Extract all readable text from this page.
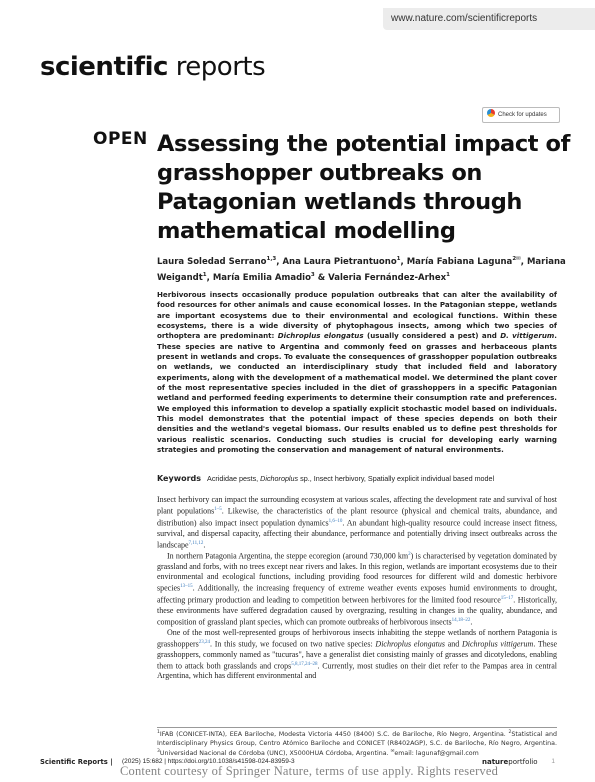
www.nature.com/scientificreports
scientific reports
Check for updates
OPEN Assessing the potential impact of grasshopper outbreaks on Patagonian wetlands through mathematical modelling
Laura Soledad Serrano$^{1,3}$, Ana Laura Pietrantuono$^1$, María Fabiana Laguna$^{2✉}$, Mariana Weigandt$^1$, María Emilia Amadio$^3$ & Valeria Fernández-Arhex$^1$
Herbivorous insects occasionally produce population outbreaks that can alter the availability of food resources for other animals and cause economical losses. In the Patagonian steppe, wetlands are important ecosystems due to their environmental and ecological functions. Within these ecosystems, there is a wide diversity of phytophagous insects, among which two species of orthoptera are predominant: Dichroplus elongatus (usually considered a pest) and D. vittigerum. These species are native to Argentina and commonly feed on grasses and herbaceous plants present in wetlands and crops. To evaluate the consequences of grasshopper population outbreaks on wetlands, we conducted an interdisciplinary study that included field and laboratory experiments, along with the development of a mathematical model. We determined the plant cover of the most representative species included in the diet of grasshoppers in a specific Patagonian wetland and performed feeding experiments to determine their consumption rate and preferences. We employed this information to develop a spatially explicit stochastic model based on individuals. This model demonstrates that the potential impact of these species depends on both their densities and the wetland's vegetal biomass. Our results enabled us to define pest thresholds for various realistic scenarios. Conducting such studies is crucial for developing early warning strategies and promoting the conservation and management of natural environments.
Keywords Acrididae pests, Dichoroplus sp., Insect herbivory, Spatially explicit individual based model

Insect herbivory can impact the surrounding ecosystem at various scales, affecting the development rate and survival of host plant populations$^{1-5}$. Likewise, the characteristics of the plant resource (physical and chemical traits, abundance, and distribution) also impact insect population dynamics$^{1,6-10}$. An abundant high-quality resource could increase insect fitness, survival, and dispersal capacity, affecting their abundance, performance and potentially driving insect outbreaks across the landscape$^{7,11,12}$.

In northern Patagonia Argentina, the steppe ecoregion (around 730,000 $km^2$) is characterised by vegetation dominated by grassland and forbs, with no trees except near rivers and lakes. In this region, wetlands are important ecosystems due to their environmental and ecological functions, including providing food resources for different wild and domestic herbivore species$^{13-15}$. Additionally, the increasing frequency of extreme weather events exposes humid environments to drought, affecting primary production and leading to competition between herbivores for the limited food resource$^{15-17}$. Historically, these environments have suffered degradation caused by overgrazing, resulting in changes in the quality, abundance, and composition of grassland plant species, which can promote outbreaks of herbivorous insects$^{14,18-22}$.

One of the most well-represented groups of herbivorous insects inhabiting the steppe wetlands of northern Patagonia is grasshoppers$^{23,24}$. In this study, we focused on two native species: Dichroplus elongatus and Dichroplus vittigerum. These grasshoppers, commonly named as "tucuras", have a generalist diet consisting mainly of grasses and dicotyledons, enabling them to attack both grasslands and crops$^{5,8,17,24-28}$. Currently, most studies on their diet refer to the Pampas area in central Argentina, which has different environmental and

$^1$IFAB (CONICET-INTA), EEA Bariloche, Modesta Victoria 4450 (8400) S.C. de Bariloche, Río Negro, Argentina. $^2$Statistical and Interdisciplinary Physics Group, Centro Atómico Bariloche and CONICET (R8402AGP), S.C. de Bariloche, Río Negro, Argentina. $^3$Universidad Nacional de Córdoba (UNC), X5000HUA Córdoba, Argentina. ✉email: lagunaf@gmail.com
Scientific Reports | (2025) 15:682 | https://doi.org/10.1038/s41598-024-83959-3	natureportfolio 1
Content courtesy of Springer Nature, terms of use apply. Rights reserved
